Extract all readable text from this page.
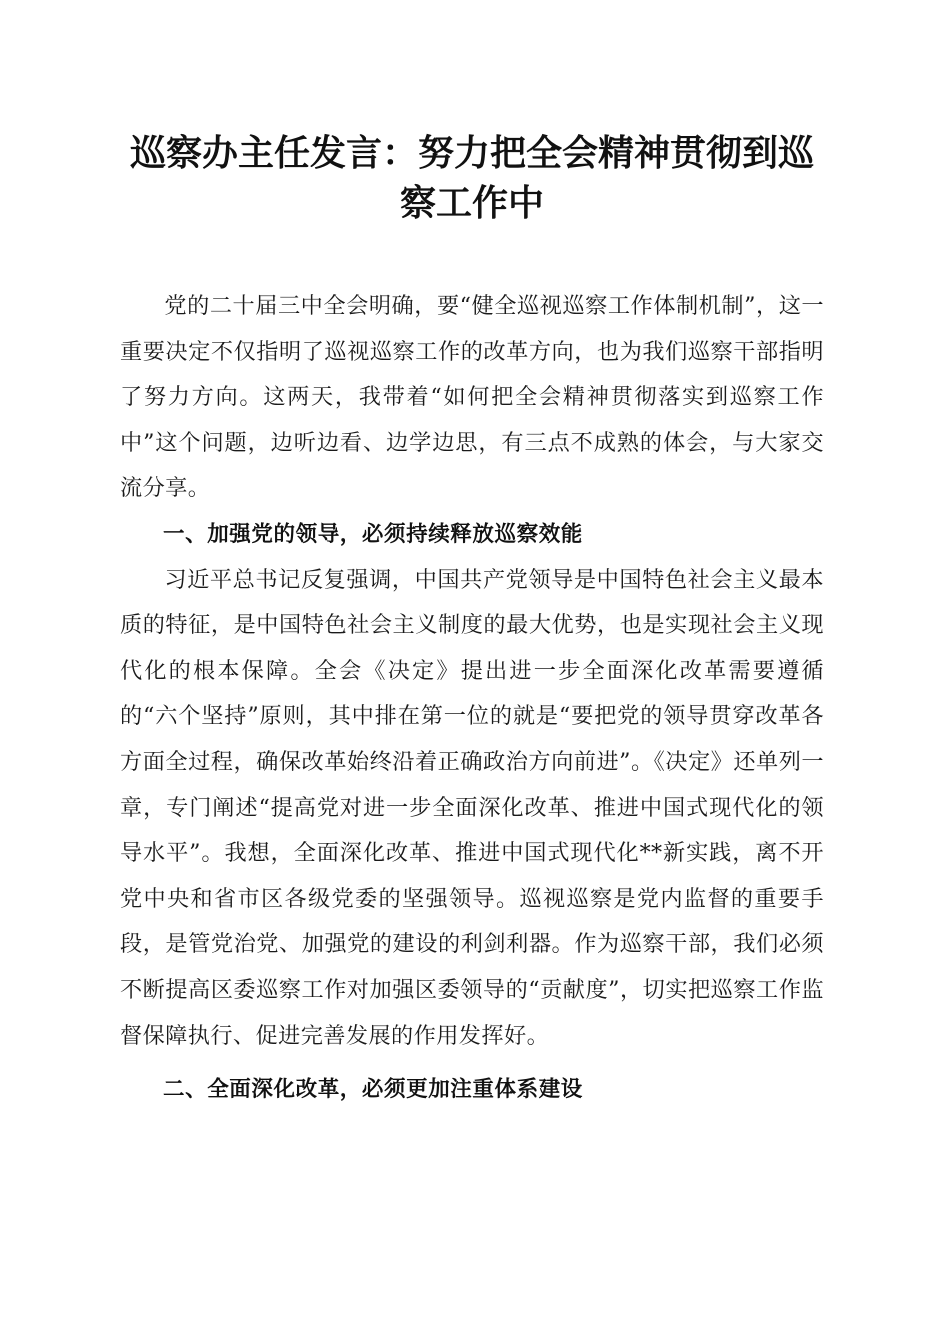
巡察办主任发言：努力把全会精神贯彻到巡察工作中

党的二十届三中全会明确，要“健全巡视巡察工作体制机制”，这一重要决定不仅指明了巡视巡察工作的改革方向，也为我们巡察干部指明了努力方向。这两天，我带着“如何把全会精神贯彻落实到巡察工作中”这个问题，边听边看、边学边思，有三点不成熟的体会，与大家交流分享。

一、加强党的领导，必须持续释放巡察效能

习近平总书记反复强调，中国共产党领导是中国特色社会主义最本质的特征，是中国特色社会主义制度的最大优势，也是实现社会主义现代化的根本保障。全会《决定》提出进一步全面深化改革需要遵循的“六个坚持”原则，其中排在第一位的就是“要把党的领导贯穿改革各方面全过程，确保改革始终沿着正确政治方向前进”。《决定》还单列一章，专门阐述“提高党对进一步全面深化改革、推进中国式现代化的领导水平”。我想，全面深化改革、推进中国式现代化**新实践，离不开党中央和省市区各级党委的坚强领导。巡视巡察是党内监督的重要手段，是管党治党、加强党的建设的利剑利器。作为巡察干部，我们必须不断提高区委巡察工作对加强区委领导的“贡献度”，切实把巡察工作监督保障执行、促进完善发展的作用发挥好。

二、全面深化改革，必须更加注重体系建设
